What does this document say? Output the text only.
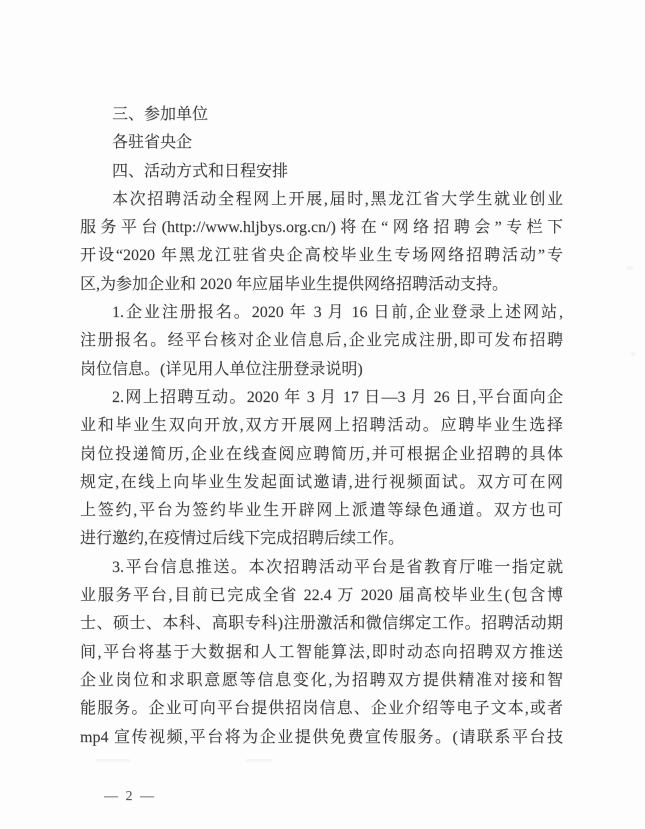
三、参加单位
各驻省央企
四、活动方式和日程安排
本次招聘活动全程网上开展,届时,黑龙江省大学生就业创业
服务平台(http://www.hljbys.org.cn/)将在“网络招聘会”专栏下
开设“2020 年黑龙江驻省央企高校毕业生专场网络招聘活动”专
区,为参加企业和 2020 年应届毕业生提供网络招聘活动支持。
1.企业注册报名。2020 年 3 月 16 日前,企业登录上述网站,
注册报名。经平台核对企业信息后,企业完成注册,即可发布招聘
岗位信息。(详见用人单位注册登录说明)
2.网上招聘互动。2020 年 3 月 17 日—3 月 26 日,平台面向企
业和毕业生双向开放,双方开展网上招聘活动。应聘毕业生选择
岗位投递简历,企业在线查阅应聘简历,并可根据企业招聘的具体
规定,在线上向毕业生发起面试邀请,进行视频面试。双方可在网
上签约,平台为签约毕业生开辟网上派遣等绿色通道。双方也可
进行邀约,在疫情过后线下完成招聘后续工作。
3.平台信息推送。本次招聘活动平台是省教育厅唯一指定就
业服务平台,目前已完成全省 22.4 万 2020 届高校毕业生(包含博
士、硕士、本科、高职专科)注册激活和微信绑定工作。招聘活动期
间,平台将基于大数据和人工智能算法,即时动态向招聘双方推送
企业岗位和求职意愿等信息变化,为招聘双方提供精准对接和智
能服务。企业可向平台提供招岗信息、企业介绍等电子文本,或者
mp4 宣传视频,平台将为企业提供免费宣传服务。(请联系平台技
— 2 —
